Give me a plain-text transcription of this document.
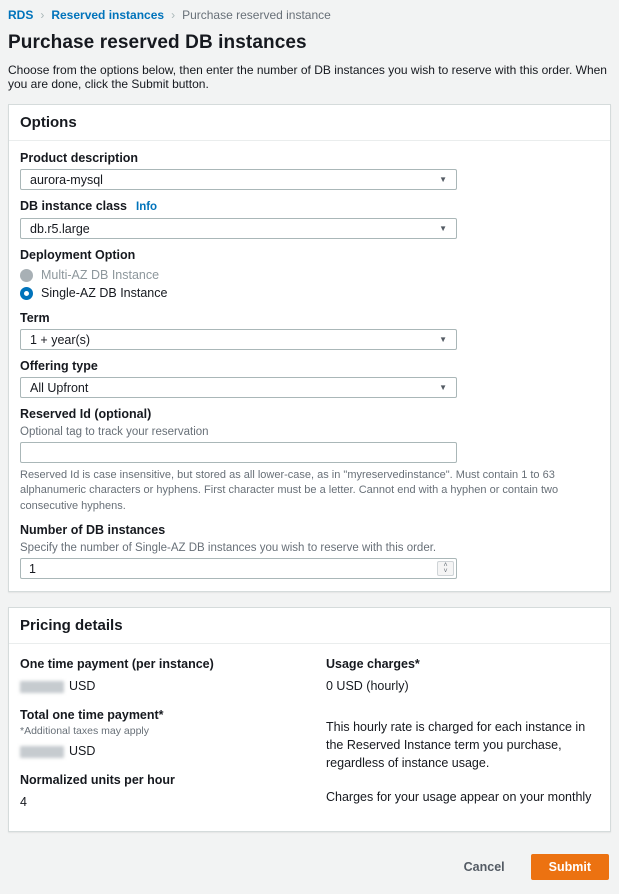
RDS › Reserved instances › Purchase reserved instance
Purchase reserved DB instances

Choose from the options below, then enter the number of DB instances you wish to reserve with this order. When you are done, click the Submit button.

Options
Product description
aurora-mysql	▼
DB instance class Info
db.r5.large	▼
Deployment Option
Multi-AZ DB Instance
Single-AZ DB Instance
Term
1 + year(s)	▼
Offering type
All Upfront	▼
Reserved Id (optional)
Optional tag to track your reservation
Reserved Id is case insensitive, but stored as all lower-case, as in "myreservedinstance". Must contain 1 to 63 alphanumeric characters or hyphens. First character must be a letter. Cannot end with a hyphen or contain two consecutive hyphens.
Number of DB instances
Specify the number of Single-AZ DB instances you wish to reserve with this order.
1
˄
˅
Pricing details
One time payment (per instance)
USD
Total one time payment*
*Additional taxes may apply
USD
Normalized units per hour
4
Usage charges*
0 USD (hourly)

This hourly rate is charged for each instance in the Reserved Instance term you purchase, regardless of instance usage.

Charges for your usage appear on your monthly

Cancel	Submit
